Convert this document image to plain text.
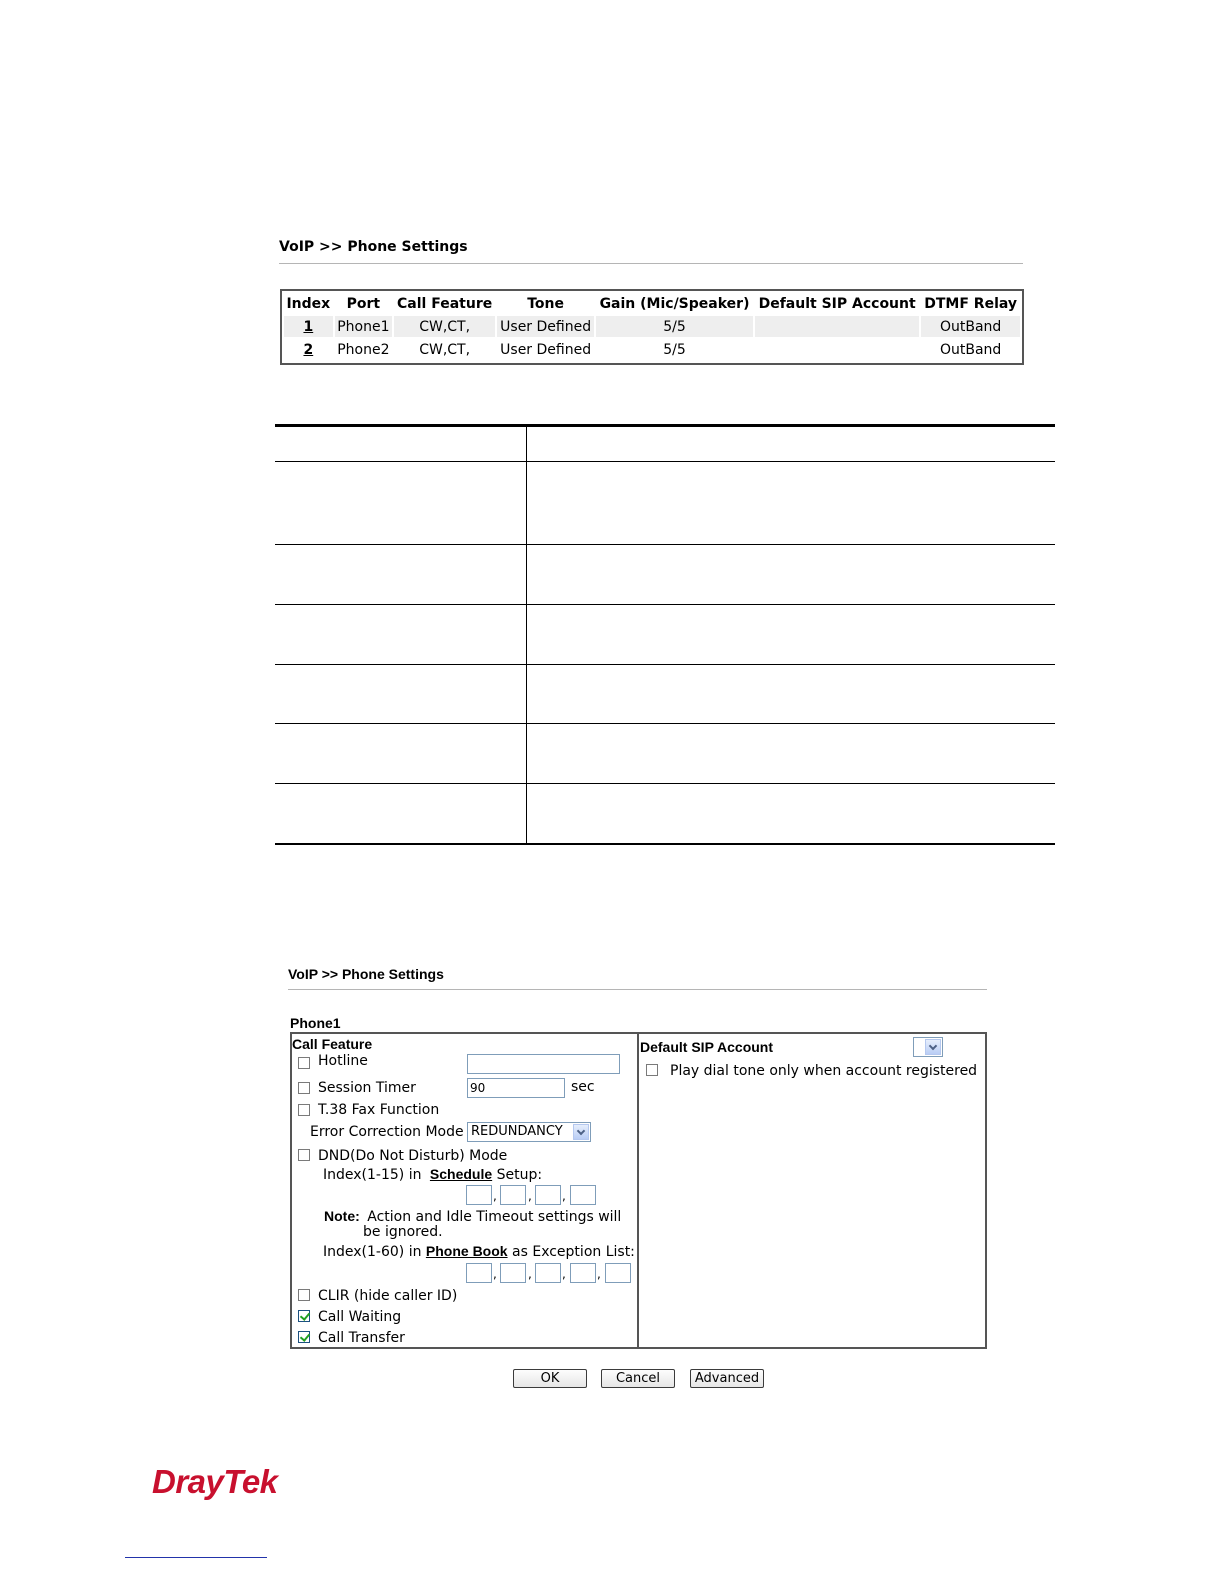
VoIP >> Phone Settings
Index	Port	Call Feature	Tone	Gain (Mic/Speaker)	Default SIP Account	DTMF Relay
1	Phone1	CW,CT,	User Defined	5/5		OutBand
2	Phone2	CW,CT,	User Defined	5/5		OutBand
VoIP >> Phone Settings
Phone1
Call Feature
Hotline
Session Timer	90	sec
T.38 Fax Function
Error Correction Mode REDUNDANCY
DND(Do Not Disturb) Mode
Index(1-15) in Schedule Setup:
,	,	,
Note: Action and Idle Timeout settings will
be ignored.
Index(1-60) in Phone Book as Exception List:
,	,	,	,
CLIR (hide caller ID)
Call Waiting
Call Transfer
Default SIP Account
Play dial tone only when account registered
OK	Cancel	Advanced
DrayTek
